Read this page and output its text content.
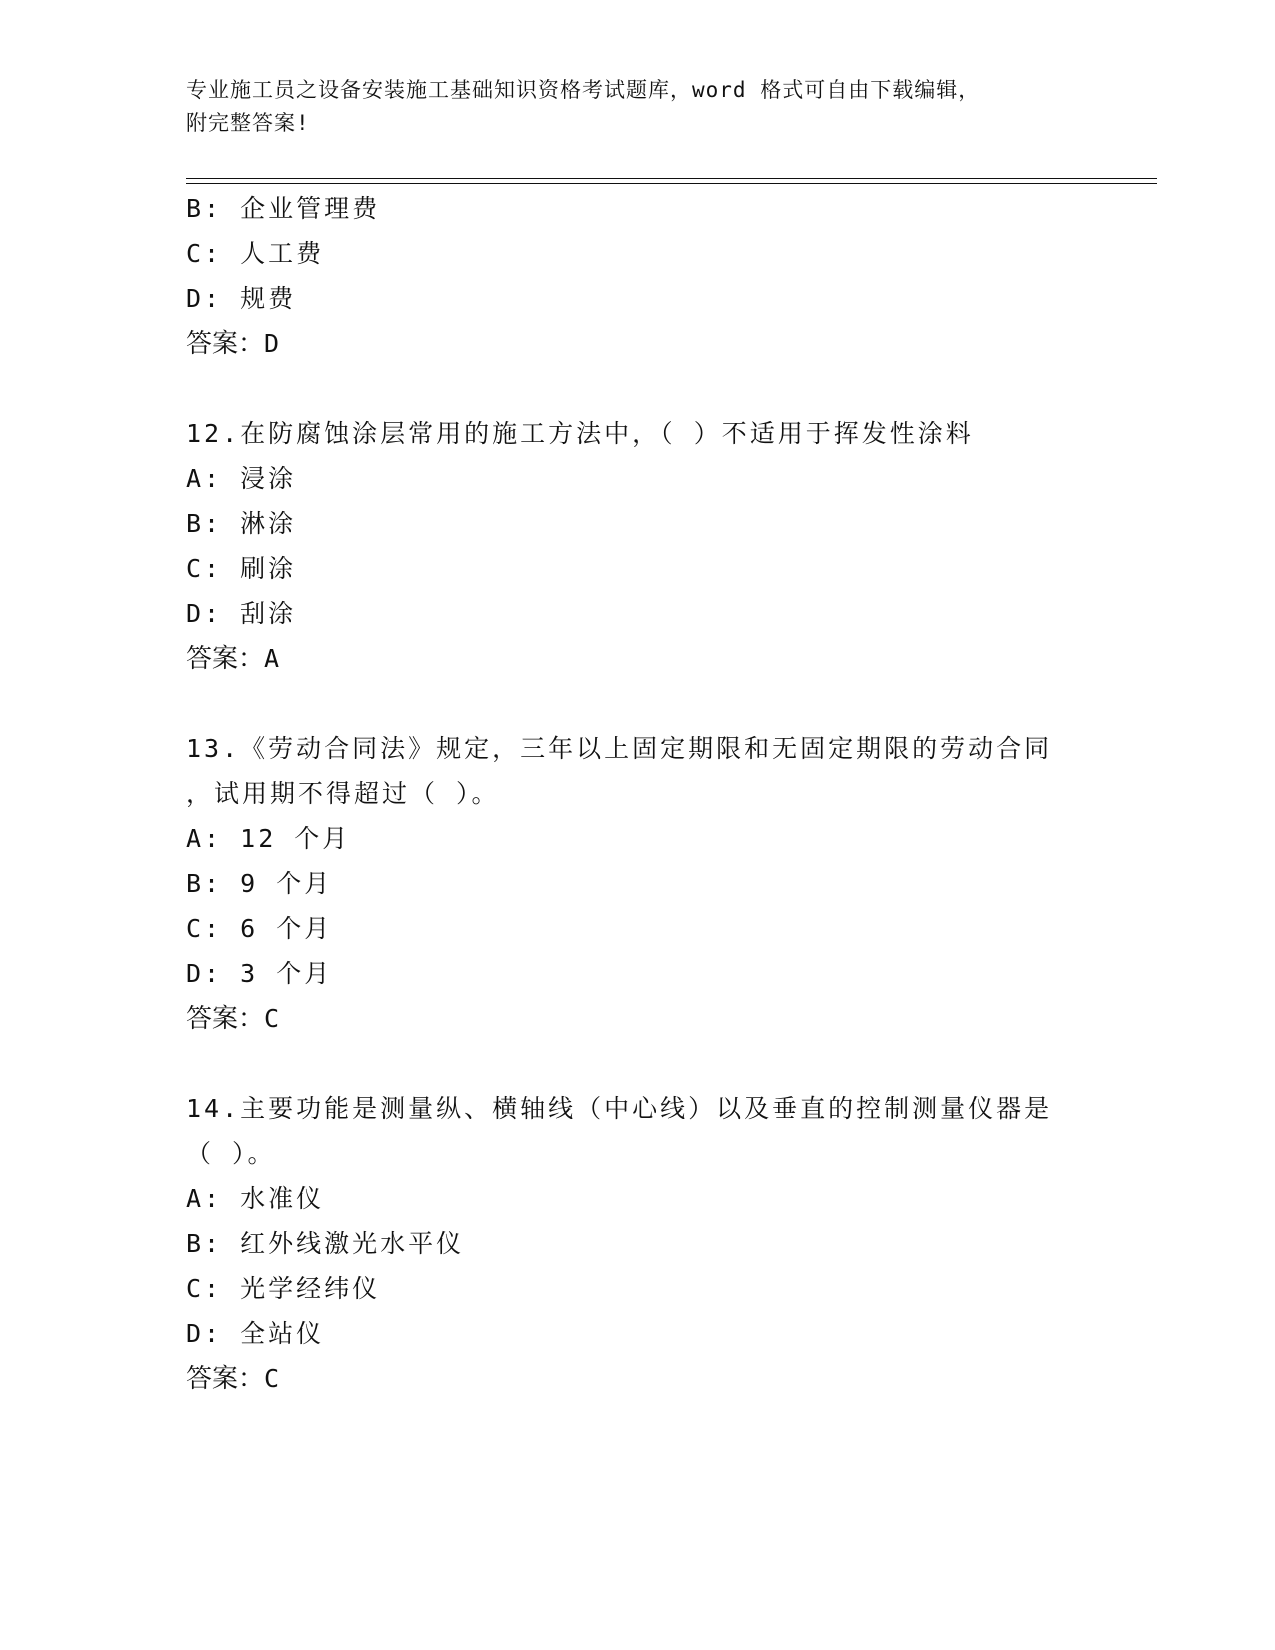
专业施工员之设备安装施工基础知识资格考试题库，word 格式可自由下载编辑，
附完整答案!
B: 企业管理费
C: 人工费
D: 规费
答案：D
12.在防腐蚀涂层常用的施工方法中，（ ）不适用于挥发性涂料
A: 浸涂
B: 淋涂
C: 刷涂
D: 刮涂
答案：A
13.《劳动合同法》规定，三年以上固定期限和无固定期限的劳动合同
，试用期不得超过（ ）。
A: 12 个月
B: 9 个月
C: 6 个月
D: 3 个月
答案：C
14.主要功能是测量纵、横轴线（中心线）以及垂直的控制测量仪器是
（ ）。
A: 水准仪
B: 红外线激光水平仪
C: 光学经纬仪
D: 全站仪
答案：C
